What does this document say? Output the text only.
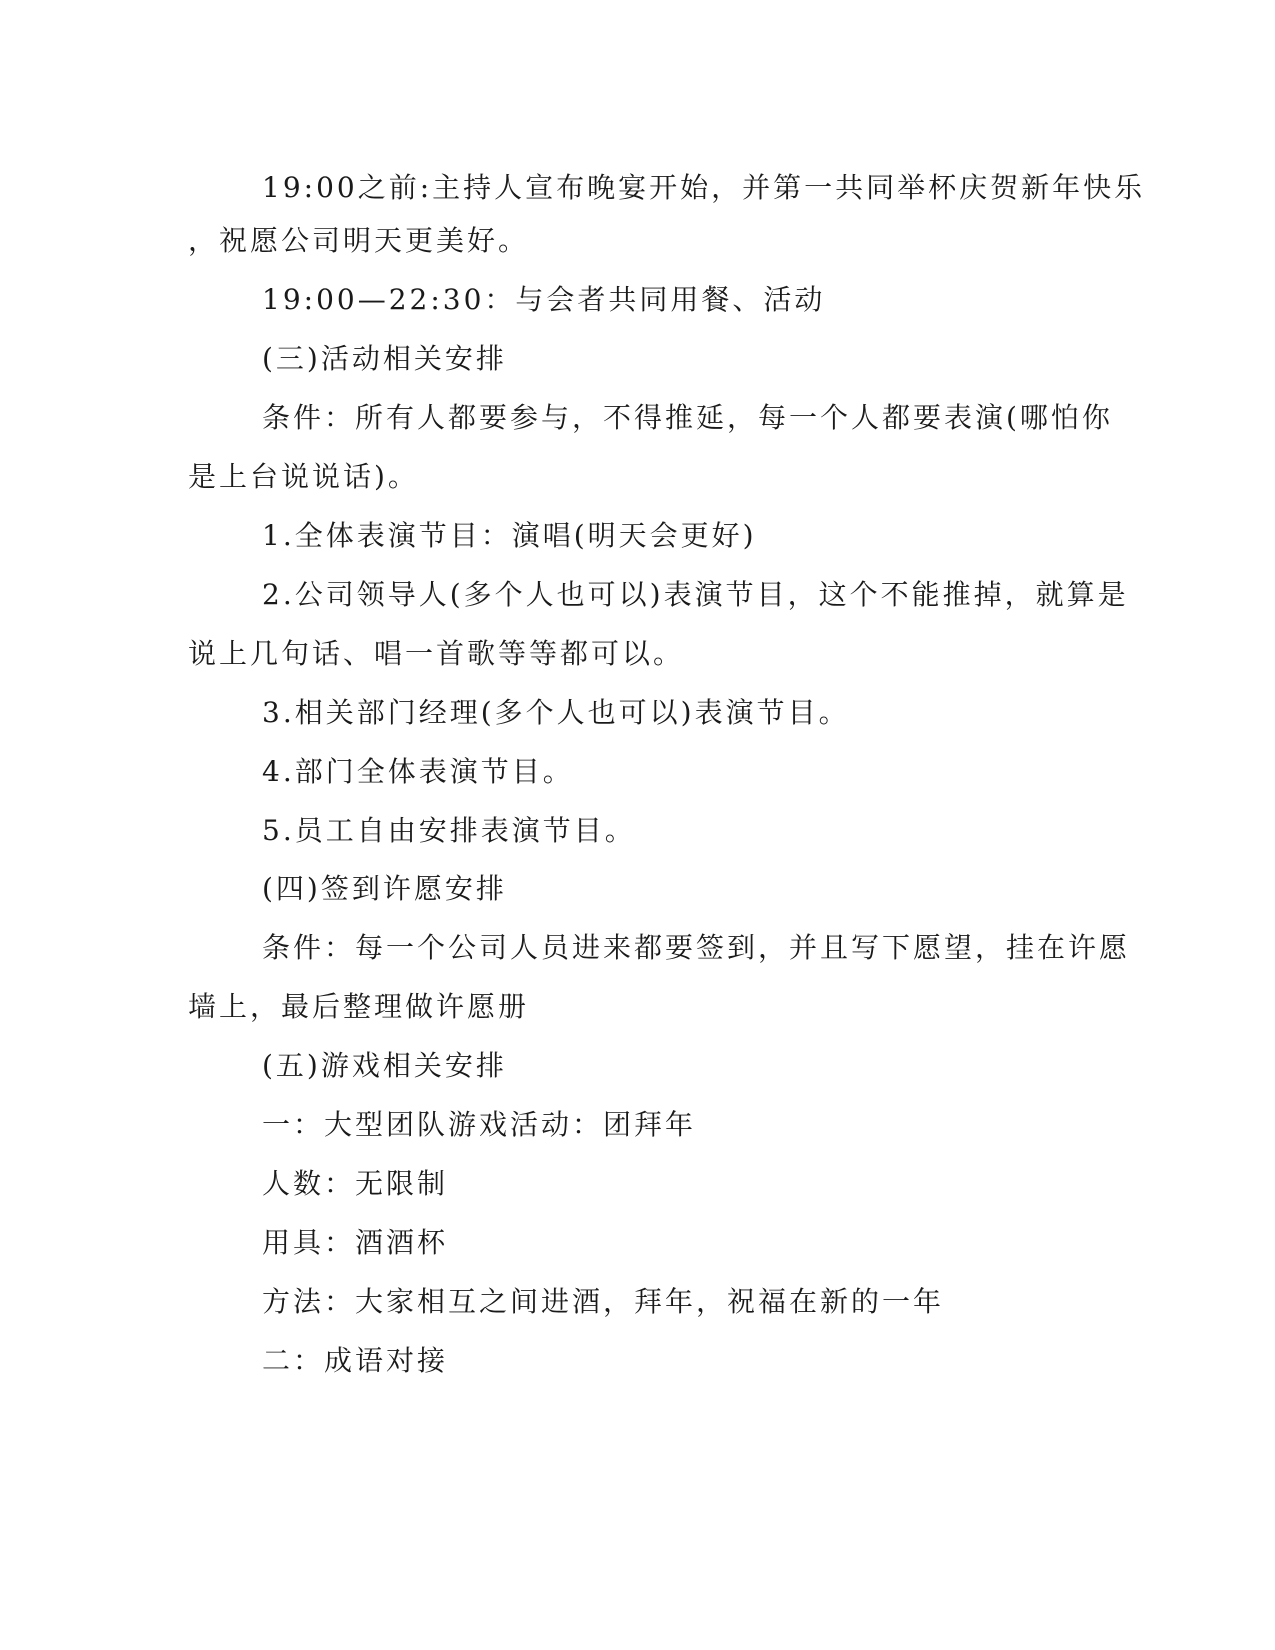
19:00之前:主持人宣布晚宴开始，并第一共同举杯庆贺新年快乐
，祝愿公司明天更美好。
19:00—22:30：与会者共同用餐、活动
(三)活动相关安排
条件：所有人都要参与，不得推延，每一个人都要表演(哪怕你
是上台说说话)。
1.全体表演节目：演唱(明天会更好)
2.公司领导人(多个人也可以)表演节目，这个不能推掉，就算是
说上几句话、唱一首歌等等都可以。
3.相关部门经理(多个人也可以)表演节目。
4.部门全体表演节目。
5.员工自由安排表演节目。
(四)签到许愿安排
条件：每一个公司人员进来都要签到，并且写下愿望，挂在许愿
墙上，最后整理做许愿册
(五)游戏相关安排
一：大型团队游戏活动：团拜年
人数：无限制
用具：酒酒杯
方法：大家相互之间进酒，拜年，祝福在新的一年
二：成语对接
